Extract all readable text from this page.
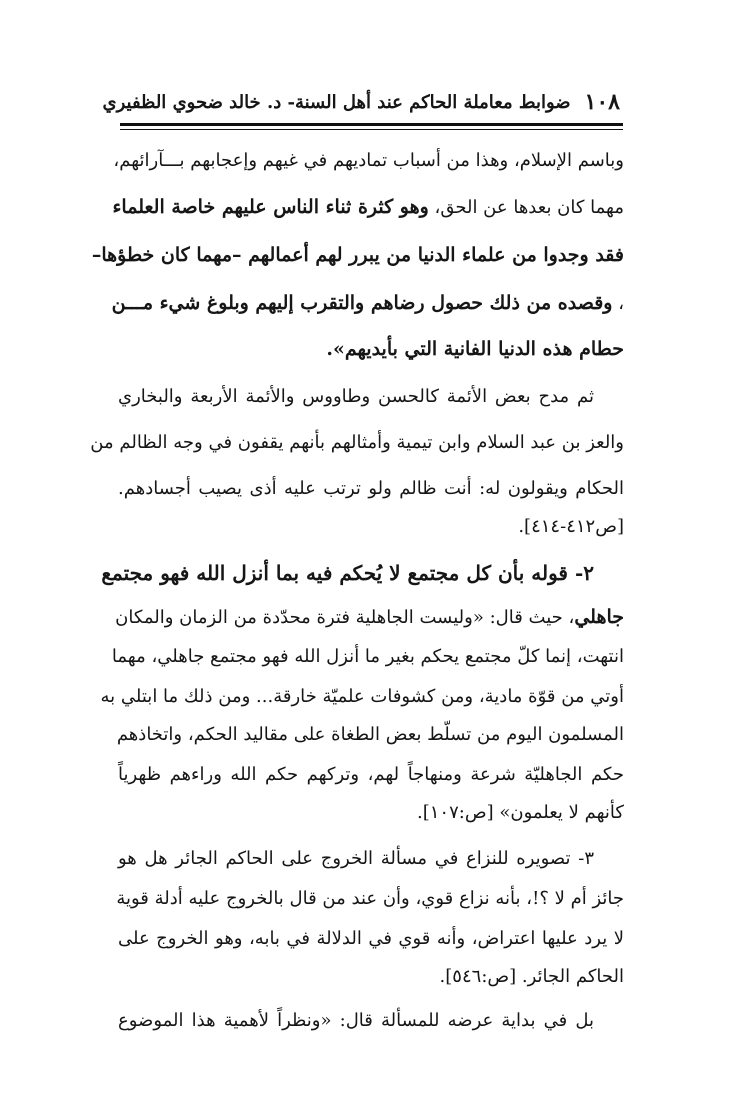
١٠٨
ضوابط معاملة الحاكم عند أهل السنة- د. خالد ضحوي الظفيري
وباسم الإسلام، وهذا من أسباب تماديهم في غيهم وإعجابهم بـــآرائهم،
مهما كان بعدها عن الحق، وهو كثرة ثناء الناس عليهم خاصة العلماء
فقد وجدوا من علماء الدنيا من يبرر لهم أعمالهم –مهما كان خطؤها–
، وقصده من ذلك حصول رضاهم والتقرب إليهم وبلوغ شيء مـــن
حطام هذه الدنيا الفانية التي بأيديهم».
ثم مدح بعض الأئمة كالحسن وطاووس والأئمة الأربعة والبخاري
والعز بن عبد السلام وابن تيمية وأمثالهم بأنهم يقفون في وجه الظالم من
الحكام ويقولون له: أنت ظالم ولو ترتب عليه أذى يصيب أجسادهم.
[ص٤١٢-٤١٤].
٢- قوله بأن كل مجتمع لا يُحكم فيه بما أنزل الله فهو مجتمع
جاهلي، حيث قال: «وليست الجاهلية فترة محدّدة من الزمان والمكان
انتهت، إنما كلّ مجتمع يحكم بغير ما أنزل الله فهو مجتمع جاهلي، مهما
أوتي من قوّة مادية، ومن كشوفات علميّة خارقة... ومن ذلك ما ابتلي به
المسلمون اليوم من تسلّط بعض الطغاة على مقاليد الحكم، واتخاذهم
حكم الجاهليّة شرعة ومنهاجاً لهم، وتركهم حكم الله وراءهم ظهرياً
كأنهم لا يعلمون» [ص:١٠٧].
٣- تصويره للنزاع في مسألة الخروج على الحاكم الجائر هل هو
جائز أم لا ؟!، بأنه نزاع قوي، وأن عند من قال بالخروج عليه أدلة قوية
لا يرد عليها اعتراض، وأنه قوي في الدلالة في بابه، وهو الخروج على
الحاكم الجائر. [ص:٥٤٦].
بل في بداية عرضه للمسألة قال: «ونظراً لأهمية هذا الموضوع
